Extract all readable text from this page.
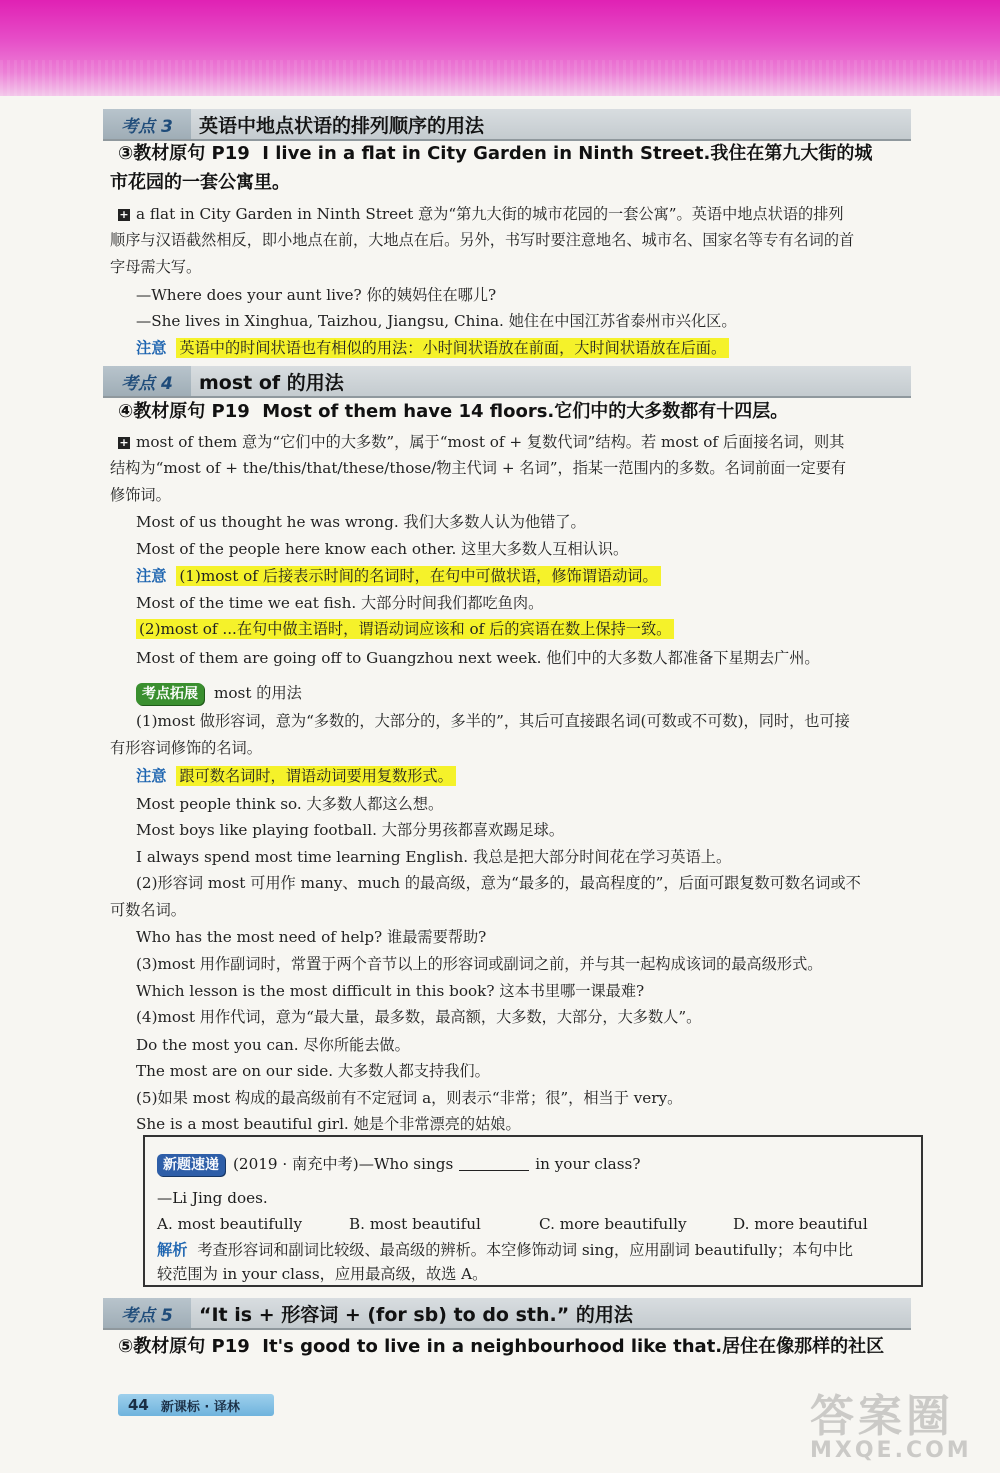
考点 3	英语中地点状语的排列顺序的用法
③教材原句 P19 I live in a flat in City Garden in Ninth Street.我住在第九大街的城
市花园的一套公寓里。
+ a flat in City Garden in Ninth Street 意为“第九大街的城市花园的一套公寓”。英语中地点状语的排列
顺序与汉语截然相反，即小地点在前，大地点在后。另外，书写时要注意地名、城市名、国家名等专有名词的首
字母需大写。
—Where does your aunt live? 你的姨妈住在哪儿?
—She lives in Xinghua, Taizhou, Jiangsu, China. 她住在中国江苏省泰州市兴化区。
注意 英语中的时间状语也有相似的用法：小时间状语放在前面，大时间状语放在后面。
考点 4	most of 的用法
④教材原句 P19 Most of them have 14 floors.它们中的大多数都有十四层。
+ most of them 意为“它们中的大多数”，属于“most of + 复数代词”结构。若 most of 后面接名词，则其
结构为“most of + the/this/that/these/those/物主代词 + 名词”，指某一范围内的多数。名词前面一定要有
修饰词。
Most of us thought he was wrong. 我们大多数人认为他错了。
Most of the people here know each other. 这里大多数人互相认识。
注意 (1)most of 后接表示时间的名词时，在句中可做状语，修饰谓语动词。
Most of the time we eat fish. 大部分时间我们都吃鱼肉。
(2)most of ...在句中做主语时，谓语动词应该和 of 后的宾语在数上保持一致。
Most of them are going off to Guangzhou next week. 他们中的大多数人都准备下星期去广州。
考点拓展 most 的用法
(1)most 做形容词，意为“多数的，大部分的，多半的”，其后可直接跟名词(可数或不可数)，同时，也可接
有形容词修饰的名词。
注意 跟可数名词时，谓语动词要用复数形式。
Most people think so. 大多数人都这么想。
Most boys like playing football. 大部分男孩都喜欢踢足球。
I always spend most time learning English. 我总是把大部分时间花在学习英语上。
(2)形容词 most 可用作 many、much 的最高级，意为“最多的，最高程度的”，后面可跟复数可数名词或不
可数名词。
Who has the most need of help? 谁最需要帮助?
(3)most 用作副词时，常置于两个音节以上的形容词或副词之前，并与其一起构成该词的最高级形式。
Which lesson is the most difficult in this book? 这本书里哪一课最难?
(4)most 用作代词，意为“最大量，最多数，最高额，大多数，大部分，大多数人”。
Do the most you can. 尽你所能去做。
The most are on our side. 大多数人都支持我们。
(5)如果 most 构成的最高级前有不定冠词 a，则表示“非常；很”，相当于 very。
She is a most beautiful girl. 她是个非常漂亮的姑娘。
新题速递 (2019 · 南充中考)—Who sings	in your class?
—Li Jing does.
A. most beautifully	B. most beautiful	C. more beautifully	D. more beautiful
解析 考查形容词和副词比较级、最高级的辨析。本空修饰动词 sing，应用副词 beautifully；本句中比
较范围为 in your class，应用最高级，故选 A。
考点 5	“It is + 形容词 + (for sb) to do sth.” 的用法
⑤教材原句 P19 It's good to live in a neighbourhood like that.居住在像那样的社区
44 新课标 · 译林	答案圈
MXQE.COM
